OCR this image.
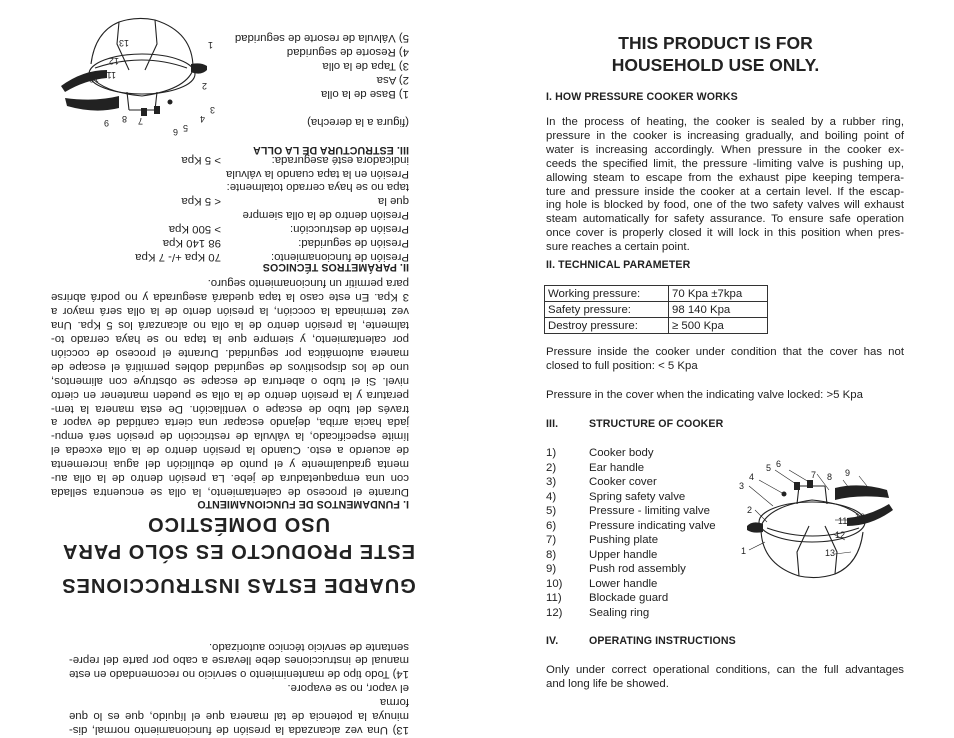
THIS PRODUCT IS FOR

HOUSEHOLD USE ONLY.

I. HOW PRESSURE COOKER WORKS

In the process of heating, the cooker is sealed by a rubber ring,

pressure in the cooker is increasing gradually, and boiling point of

water is increasing accordingly. When pressure in the cooker ex-

ceeds the specified limit, the pressure -limiting valve is pushing up,

allowing steam to escape from the exhaust pipe keeping tempera-

ture and pressure inside the cooker at a certain level. If the escap-

ing hole is blocked by food, one of the two safety valves will exhaust

steam automatically for safety assurance. To ensure safe operation

once cover is properly closed it will lock in this position when pres-

sure reaches a certain point.

II. TECHNICAL PARAMETER

Working pressure:	70 Kpa ±7kpa
Safety pressure:	98 140 Kpa
Destroy pressure:	≥ 500 Kpa

Pressure inside the cooker under condition that the cover has not

closed to full position: < 5 Kpa

Pressure in the cover when the indicating valve locked: >5 Kpa

III.	STRUCTURE OF COOKER
1)	Cooker body
2)	Ear handle
3)	Cooker cover
4)	Spring safety valve
5)	Pressure - limiting valve
6)	Pressure indicating valve
7)	Pushing plate
8)	Upper handle
9)	Push rod assembly
10)	Lower handle
11)	Blockade guard
12)	Sealing ring
1
2
3
4
5 6
7 8 9
10
11
12
13
IV.	OPERATING INSTRUCTIONS

Only under correct operational conditions, can the full advantages

and long life be showed.

13) Una vez alcanzada la presión de funcionamiento normal, dis-

minuya la potencia de tal manera que el líquido, que es lo que forma

el vapor, no se evapore.

14) Todo tipo de mantenimiento o servicio no recomendado en este

manual de instrucciones debe llevarse a cabo por parte del repre-

sentante de servicio técnico autorizado.

GUARDE ESTAS INSTRUCCIONES

ESTE PRODUCTO ES SÓLO PARA

USO DOMÉSTICO

I. FUNDAMENTOS DE FUNCIONAMIENTO

Durante el proceso de calentamiento, la olla se encuentra sellada

con una empaquetadura de jebe. La presión dentro de la olla au-

menta gradualmente y el punto de ebullición del agua incrementa

de acuerdo a esto. Cuando la presión dentro de la olla exceda el

límite especificado, la válvula de restricción de presión será empu-

jada hacia arriba, dejando escapar una cierta cantidad de vapor a

través del tubo de escape o ventilación. De esta manera la tem-

peratura y la presión dentro de la olla se pueden mantener en cierto

nivel. Si el tubo o abertura de escape se obstruye con alimentos,

uno de los dispositivos de seguridad dobles permitirá el escape de

manera automática por seguridad. Durante el proceso de cocción

por calentamiento, y siempre que la tapa no se haya cerrado to-

talmente, la presión dentro de la olla no alcanzará los 5 Kpa. Una

vez terminada la cocción, la presión dento de la olla será mayor a

3 Kpa. En este caso la tapa quedará asegurada y no podrá abrirse

para permitir un funcionamiento seguro.

II. PARÁMETROS TÉCNICOS

Presión de funcionamiento:
70 Kpa +/- 7 Kpa
Presión de seguridad:
98 140 Kpa
Presión de destrucción:
> 500 Kpa

Presión dentro de la olla siempre que la

tapa no se haya cerrado totalmente:

< 5 Kpa

Presión en la tapa cuando la válvula

indicadora esté asegurada:

> 5 Kpa

III. ESTRUCTURA DE LA OLLA

(figura a la derecha)

1) Base de la olla

2) Asa

3) Tapa de la olla

4) Resorte de seguridad

5) Válvula de resorte de seguridad

1
2
3
4
5
6
7
8
9
10 11
12
13
